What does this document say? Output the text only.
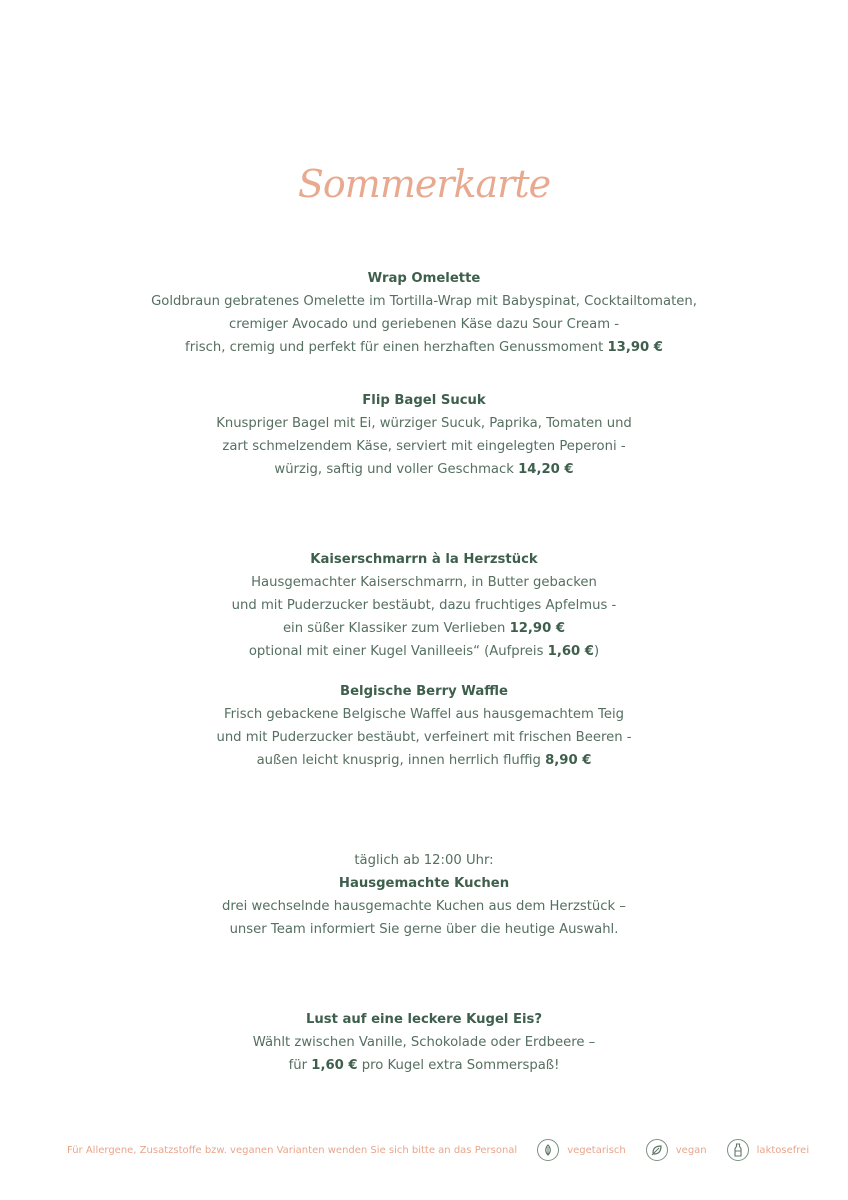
Sommerkarte
Wrap Omelette
Goldbraun gebratenes Omelette im Tortilla-Wrap mit Babyspinat, Cocktailtomaten,
cremiger Avocado und geriebenen Käse dazu Sour Cream -
frisch, cremig und perfekt für einen herzhaften Genussmoment 13,90 €
Flip Bagel Sucuk
Knuspriger Bagel mit Ei, würziger Sucuk, Paprika, Tomaten und
zart schmelzendem Käse, serviert mit eingelegten Peperoni -
würzig, saftig und voller Geschmack 14,20 €
Kaiserschmarrn à la Herzstück
Hausgemachter Kaiserschmarrn, in Butter gebacken
und mit Puderzucker bestäubt, dazu fruchtiges Apfelmus -
ein süßer Klassiker zum Verlieben 12,90 €
optional mit einer Kugel Vanilleeis“ (Aufpreis 1,60 €)
Belgische Berry Waffle
Frisch gebackene Belgische Waffel aus hausgemachtem Teig
und mit Puderzucker bestäubt, verfeinert mit frischen Beeren -
außen leicht knusprig, innen herrlich fluffig 8,90 €
täglich ab 12:00 Uhr:
Hausgemachte Kuchen
drei wechselnde hausgemachte Kuchen aus dem Herzstück –
unser Team informiert Sie gerne über die heutige Auswahl.
Lust auf eine leckere Kugel Eis?
Wählt zwischen Vanille, Schokolade oder Erdbeere –
für 1,60 € pro Kugel extra Sommerspaß!
Für Allergene, Zusatzstoffe bzw. veganen Varianten wenden Sie sich bitte an das Personal	vegetarisch	vegan	laktosefrei
